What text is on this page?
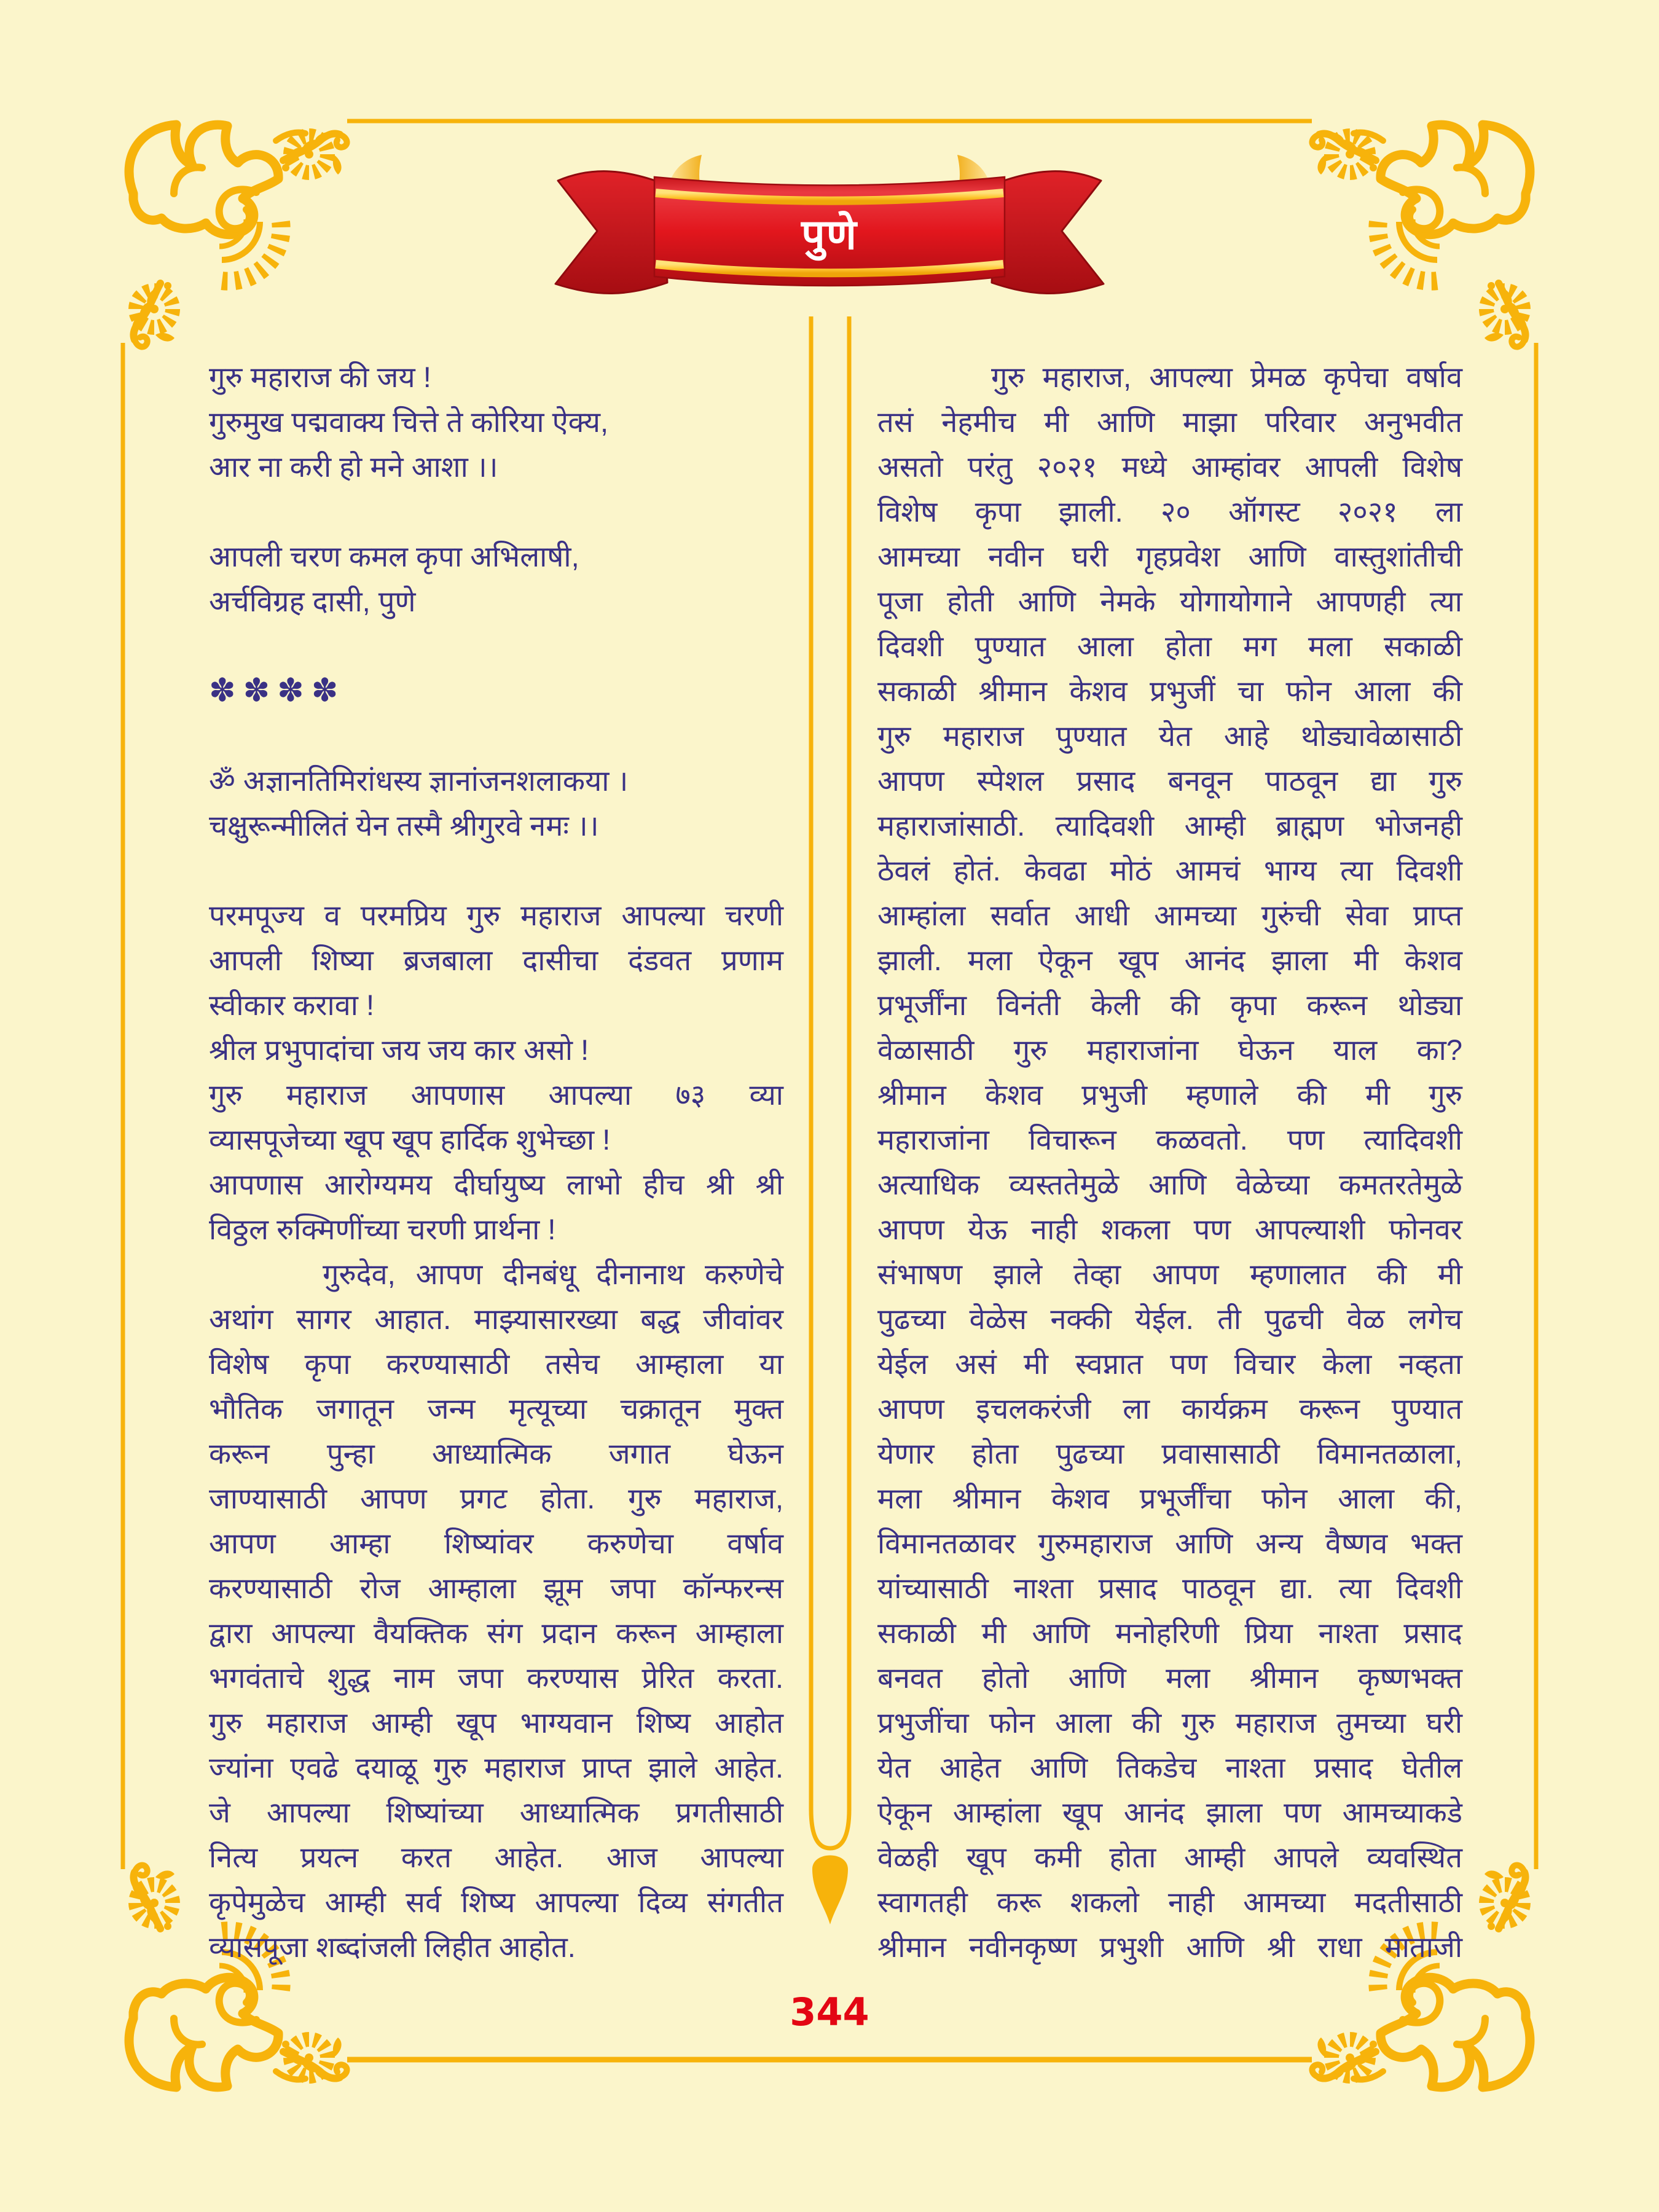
पुणे
गुरु महाराज की जय !
गुरुमुख पद्मवाक्य चित्ते ते कोरिया ऐक्य,
आर ना करी हो मने आशा ।।

आपली चरण कमल कृपा अभिलाषी,
अर्चविग्रह दासी, पुणे

✽✽✽✽

ॐ अज्ञानतिमिरांधस्य ज्ञानांजनशलाकया ।
चक्षुरून्मीलितं येन तस्मै श्रीगुरवे नमः ।।

परमपूज्य व परमप्रिय गुरु महाराज आपल्या चरणी
आपली शिष्या ब्रजबाला दासीचा दंडवत प्रणाम
स्वीकार करावा !
श्रील प्रभुपादांचा जय जय कार असो !
गुरु महाराज आपणास आपल्या ७३ व्या
व्यासपूजेच्या खूप खूप हार्दिक शुभेच्छा !
आपणास आरोग्यमय दीर्घायुष्य लाभो हीच श्री श्री
विठ्ठल रुक्मिणींच्या चरणी प्रार्थना !
गुरुदेव, आपण दीनबंधू दीनानाथ करुणेचे
अथांग सागर आहात. माझ्यासारख्या बद्ध जीवांवर
विशेष कृपा करण्यासाठी तसेच आम्हाला या
भौतिक जगातून जन्म मृत्यूच्या चक्रातून मुक्त
करून पुन्हा आध्यात्मिक जगात घेऊन
जाण्यासाठी आपण प्रगट होता. गुरु महाराज,
आपण आम्हा शिष्यांवर करुणेचा वर्षाव
करण्यासाठी रोज आम्हाला झूम जपा कॉन्फरन्स
द्वारा आपल्या वैयक्तिक संग प्रदान करून आम्हाला
भगवंताचे शुद्ध नाम जपा करण्यास प्रेरित करता.
गुरु महाराज आम्ही खूप भाग्यवान शिष्य आहोत
ज्यांना एवढे दयाळू गुरु महाराज प्राप्त झाले आहेत.
जे आपल्या शिष्यांच्या आध्यात्मिक प्रगतीसाठी
नित्य प्रयत्न करत आहेत. आज आपल्या
कृपेमुळेच आम्ही सर्व शिष्य आपल्या दिव्य संगतीत
व्यासपूजा शब्दांजली लिहीत आहोत.
गुरु महाराज, आपल्या प्रेमळ कृपेचा वर्षाव
तसं नेहमीच मी आणि माझा परिवार अनुभवीत
असतो परंतु २०२१ मध्ये आम्हांवर आपली विशेष
विशेष कृपा झाली. २० ऑगस्ट २०२१ ला
आमच्या नवीन घरी गृहप्रवेश आणि वास्तुशांतीची
पूजा होती आणि नेमके योगायोगाने आपणही त्या
दिवशी पुण्यात आला होता मग मला सकाळी
सकाळी श्रीमान केशव प्रभुजीं चा फोन आला की
गुरु महाराज पुण्यात येत आहे थोड्यावेळासाठी
आपण स्पेशल प्रसाद बनवून पाठवून द्या गुरु
महाराजांसाठी. त्यादिवशी आम्ही ब्राह्मण भोजनही
ठेवलं होतं. केवढा मोठं आमचं भाग्य त्या दिवशी
आम्हांला सर्वात आधी आमच्या गुरुंची सेवा प्राप्त
झाली. मला ऐकून खूप आनंद झाला मी केशव
प्रभूर्जींना विनंती केली की कृपा करून थोड्या
वेळासाठी गुरु महाराजांना घेऊन याल का?
श्रीमान केशव प्रभुजी म्हणाले की मी गुरु
महाराजांना विचारून कळवतो. पण त्यादिवशी
अत्याधिक व्यस्ततेमुळे आणि वेळेच्या कमतरतेमुळे
आपण येऊ नाही शकला पण आपल्याशी फोनवर
संभाषण झाले तेव्हा आपण म्हणालात की मी
पुढच्या वेळेस नक्की येईल. ती पुढची वेळ लगेच
येईल असं मी स्वप्नात पण विचार केला नव्हता
आपण इचलकरंजी ला कार्यक्रम करून पुण्यात
येणार होता पुढच्या प्रवासासाठी विमानतळाला,
मला श्रीमान केशव प्रभूर्जींचा फोन आला की,
विमानतळावर गुरुमहाराज आणि अन्य वैष्णव भक्त
यांच्यासाठी नाश्ता प्रसाद पाठवून द्या. त्या दिवशी
सकाळी मी आणि मनोहरिणी प्रिया नाश्ता प्रसाद
बनवत होतो आणि मला श्रीमान कृष्णभक्त
प्रभुजींचा फोन आला की गुरु महाराज तुमच्या घरी
येत आहेत आणि तिकडेच नाश्ता प्रसाद घेतील
ऐकून आम्हांला खूप आनंद झाला पण आमच्याकडे
वेळही खूप कमी होता आम्ही आपले व्यवस्थित
स्वागतही करू शकलो नाही आमच्या मदतीसाठी
श्रीमान नवीनकृष्ण प्रभुशी आणि श्री राधा माताजी
344
